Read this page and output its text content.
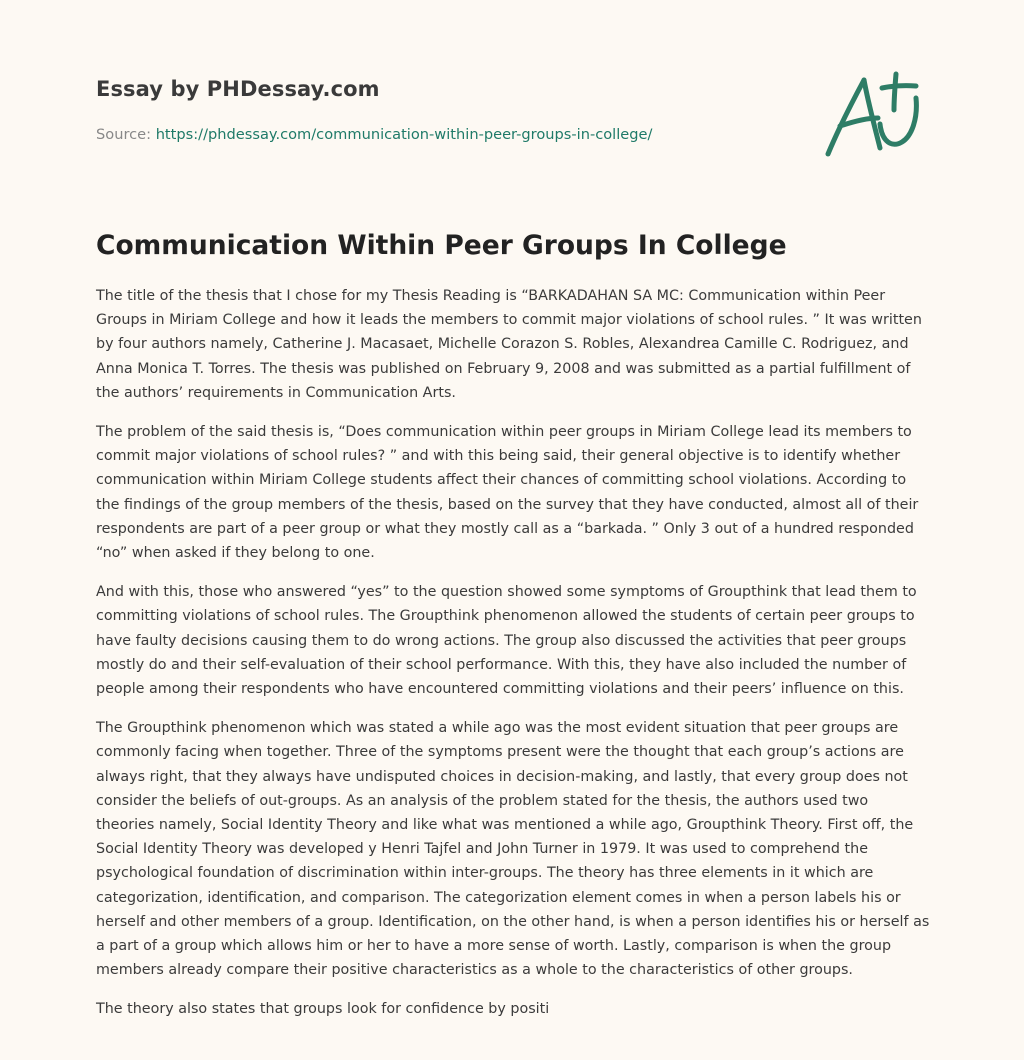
Essay by PHDessay.com
Source: https://phdessay.com/communication-within-peer-groups-in-college/
Communication Within Peer Groups In College

The title of the thesis that I chose for my Thesis Reading is “BARKADAHAN SA MC: Communication within Peer Groups in Miriam College and how it leads the members to commit major violations of school rules. ” It was written by four authors namely, Catherine J. Macasaet, Michelle Corazon S. Robles, Alexandrea Camille C. Rodriguez, and Anna Monica T. Torres. The thesis was published on February 9, 2008 and was submitted as a partial fulfillment of the authors’ requirements in Communication Arts.

The problem of the said thesis is, “Does communication within peer groups in Miriam College lead its members to commit major violations of school rules? ” and with this being said, their general objective is to identify whether communication within Miriam College students affect their chances of committing school violations. According to the findings of the group members of the thesis, based on the survey that they have conducted, almost all of their respondents are part of a peer group or what they mostly call as a “barkada. ” Only 3 out of a hundred responded “no” when asked if they belong to one.

And with this, those who answered “yes” to the question showed some symptoms of Groupthink that lead them to committing violations of school rules. The Groupthink phenomenon allowed the students of certain peer groups to have faulty decisions causing them to do wrong actions. The group also discussed the activities that peer groups mostly do and their self-evaluation of their school performance. With this, they have also included the number of people among their respondents who have encountered committing violations and their peers’ influence on this.

The Groupthink phenomenon which was stated a while ago was the most evident situation that peer groups are commonly facing when together. Three of the symptoms present were the thought that each group’s actions are always right, that they always have undisputed choices in decision-making, and lastly, that every group does not consider the beliefs of out-groups. As an analysis of the problem stated for the thesis, the authors used two theories namely, Social Identity Theory and like what was mentioned a while ago, Groupthink Theory. First off, the Social Identity Theory was developed y Henri Tajfel and John Turner in 1979. It was used to comprehend the psychological foundation of discrimination within inter-groups. The theory has three elements in it which are categorization, identification, and comparison. The categorization element comes in when a person labels his or herself and other members of a group. Identification, on the other hand, is when a person identifies his or herself as a part of a group which allows him or her to have a more sense of worth. Lastly, comparison is when the group members already compare their positive characteristics as a whole to the characteristics of other groups.

The theory also states that groups look for confidence by positi
